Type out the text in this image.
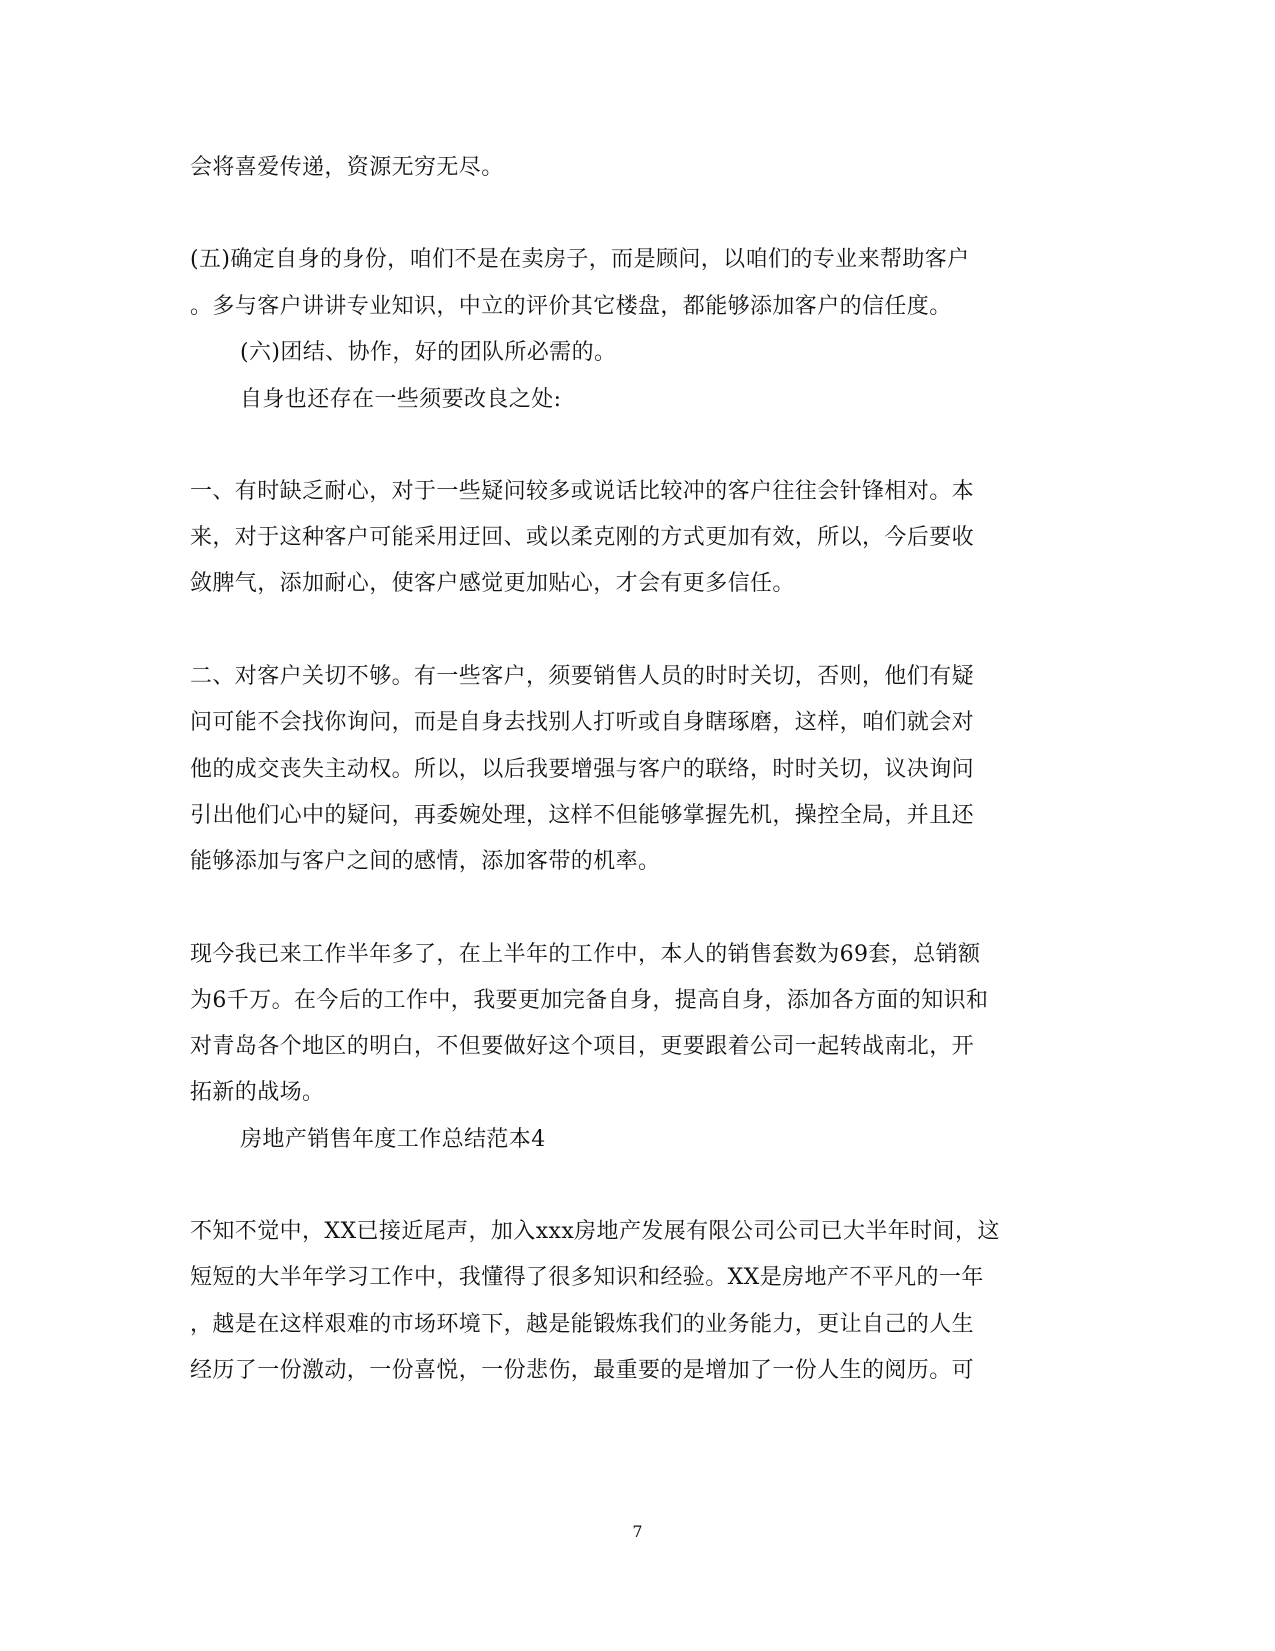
会将喜爱传递，资源无穷无尽。
(五)确定自身的身份，咱们不是在卖房子，而是顾问，以咱们的专业来帮助客户
。多与客户讲讲专业知识，中立的评价其它楼盘，都能够添加客户的信任度。
(六)团结、协作，好的团队所必需的。
自身也还存在一些须要改良之处:
一、有时缺乏耐心，对于一些疑问较多或说话比较冲的客户往往会针锋相对。本
来，对于这种客户可能采用迂回、或以柔克刚的方式更加有效，所以，今后要收
敛脾气，添加耐心，使客户感觉更加贴心，才会有更多信任。
二、对客户关切不够。有一些客户，须要销售人员的时时关切，否则，他们有疑
问可能不会找你询问，而是自身去找别人打听或自身瞎琢磨，这样，咱们就会对
他的成交丧失主动权。所以，以后我要增强与客户的联络，时时关切，议决询问
引出他们心中的疑问，再委婉处理，这样不但能够掌握先机，操控全局，并且还
能够添加与客户之间的感情，添加客带的机率。
现今我已来工作半年多了，在上半年的工作中，本人的销售套数为69套，总销额
为6千万。在今后的工作中，我要更加完备自身，提高自身，添加各方面的知识和
对青岛各个地区的明白，不但要做好这个项目，更要跟着公司一起转战南北，开
拓新的战场。
房地产销售年度工作总结范本4
不知不觉中，XX已接近尾声，加入xxx房地产发展有限公司公司已大半年时间，这
短短的大半年学习工作中，我懂得了很多知识和经验。XX是房地产不平凡的一年
，越是在这样艰难的市场环境下，越是能锻炼我们的业务能力，更让自己的人生
经历了一份激动，一份喜悦，一份悲伤，最重要的是增加了一份人生的阅历。可
7
